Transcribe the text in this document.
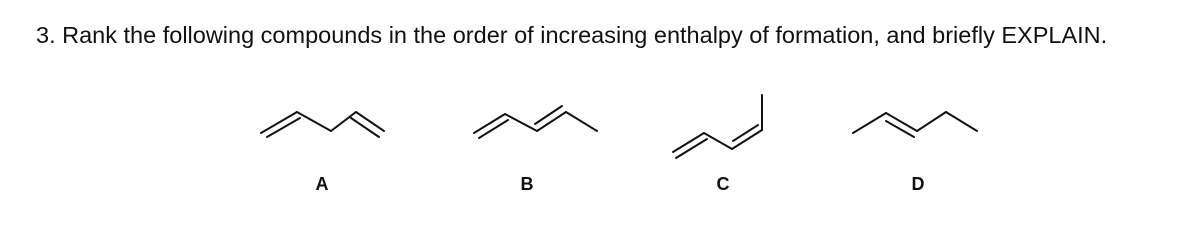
3. Rank the following compounds in the order of increasing enthalpy of formation, and briefly EXPLAIN.

A	B	C	D
